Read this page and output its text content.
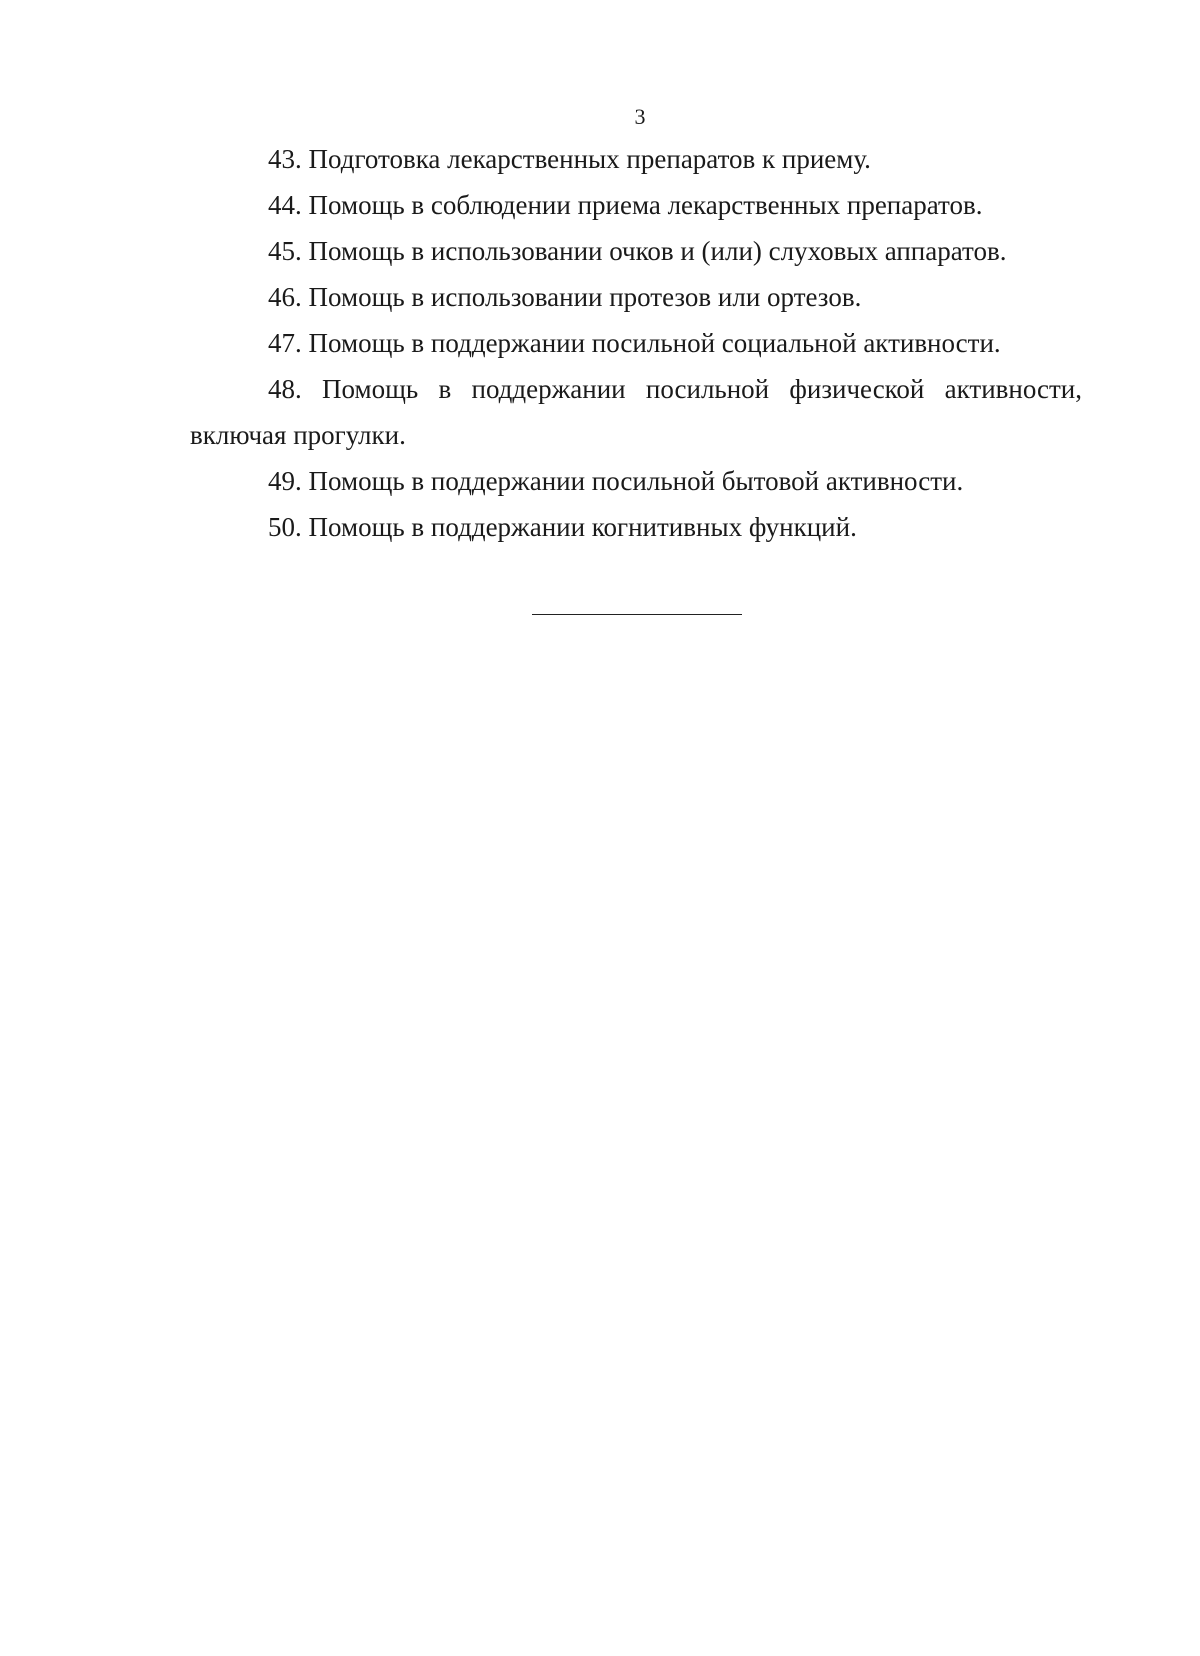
3

43. Подготовка лекарственных препаратов к приему.

44. Помощь в соблюдении приема лекарственных препаратов.

45. Помощь в использовании очков и (или) слуховых аппаратов.

46. Помощь в использовании протезов или ортезов.

47. Помощь в поддержании посильной социальной активности.

48. Помощь в поддержании посильной физической активности, включая прогулки.

49. Помощь в поддержании посильной бытовой активности.

50. Помощь в поддержании когнитивных функций.
